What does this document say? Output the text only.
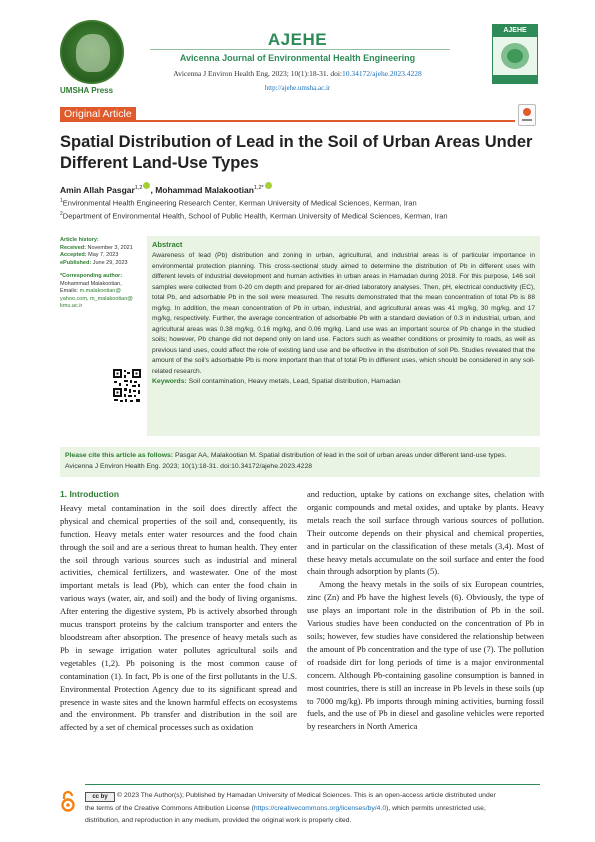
UMSHA Press
AJEHE
Avicenna Journal of Environmental Health Engineering
Avicenna J Environ Health Eng, 2023; 10(1):18-31. doi:10.34172/ajehe.2023.4228
http://ajehe.umsha.ac.ir
AJEHE
Original Article
Spatial Distribution of Lead in the Soil of Urban Areas Under Different Land-Use Types
Amin Allah Pasgar$^{1,2}$ , Mohammad Malakootian$^{1,2*}$
$^1$Environmental Health Engineering Research Center, Kerman University of Medical Sciences, Kerman, Iran
$^2$Department of Environmental Health, School of Public Health, Kerman University of Medical Sciences, Kerman, Iran
Article history:
Received: November 3, 2021
Accepted: May 7, 2023
ePublished: June 29, 2023
*Corresponding author:
Mohammad Malakootian,
Emails: m.malakootian@ yahoo.com, m_malakootian@ kmu.ac.ir
Abstract
Awareness of lead (Pb) distribution and zoning in urban, agricultural, and industrial areas is of particular importance in environmental protection planning. This cross-sectional study aimed to determine the distribution of Pb in different uses with different levels of industrial development and human activities in urban areas in Hamadan during 2018. For this purpose, 146 soil samples were collected from 0-20 cm depth and prepared for air-dried laboratory analyses. Then, pH, electrical conductivity (EC), total Pb, and adsorbable Pb in the soil were measured. The results demonstrated that the mean concentration of total Pb is 88 mg/kg. In addition, the mean concentration of Pb in urban, industrial, and agricultural areas was 41 mg/kg, 30 mg/kg, and 17 mg/kg, respectively. Further, the average concentration of adsorbable Pb with a standard deviation of 0.3 in industrial, urban, and agricultural areas was 0.38 mg/kg, 0.16 mg/kg, and 0.06 mg/kg. Land use was an important source of Pb change in the studied soils; however, Pb change did not depend only on land use. Factors such as weather conditions or proximity to roads, as well as previous land uses, could affect the role of existing land use and be effective in the distribution of soil Pb. Studies revealed that the amount of the soil's adsorbable Pb is more important than that of total Pb in different uses, which should be considered in any soil-related research.
Keywords: Soil contamination, Heavy metals, Lead, Spatial distribution, Hamadan
Please cite this article as follows: Pasgar AA, Malakootian M. Spatial distribution of lead in the soil of urban areas under different land-use types. Avicenna J Environ Health Eng. 2023; 10(1):18-31. doi:10.34172/ajehe.2023.4228
1. Introduction

Heavy metal contamination in the soil does directly affect the physical and chemical properties of the soil and, consequently, its function. Heavy metals enter water resources and the food chain through the soil and are a serious threat to human health. They enter the soil through various sources such as industrial and mineral activities, chemical fertilizers, and wastewater. One of the most important metals is lead (Pb), which can enter the food chain in various ways (water, air, and soil) and the body of living organisms. After entering the digestive system, Pb is actively absorbed through mucus transport proteins by the calcium transporter and enters the bloodstream after absorption. The presence of heavy metals such as Pb in sewage irrigation water pollutes agricultural soils and vegetables (1,2). Pb poisoning is the most common cause of contamination (1). In fact, Pb is one of the first pollutants in the U.S. Environmental Protection Agency due to its significant spread and presence in waste sites and the known harmful effects on ecosystems and the environment. Pb transfer and distribution in the soil are affected by a set of chemical processes such as oxidation

and reduction, uptake by cations on exchange sites, chelation with organic compounds and metal oxides, and uptake by plants. Heavy metals reach the soil surface through various sources of pollution. Their outcome depends on their physical and chemical properties, and in particular on the classification of these metals (3,4). Most of these heavy metals accumulate on the soil surface and enter the food chain through adsorption by plants (5).

Among the heavy metals in the soils of six European countries, zinc (Zn) and Pb have the highest levels (6). Obviously, the type of use plays an important role in the distribution of Pb in the soil. Various studies have been conducted on the concentration of Pb in soils; however, few studies have considered the relationship between the amount of Pb concentration and the type of use (7). The pollution of roadside dirt for long periods of time is a major environmental concern. Although Pb-containing gasoline consumption is banned in most countries, there is still an increase in Pb levels in these soils (up to 7000 mg/kg). Pb imports through mining activities, burning fossil fuels, and the use of Pb in diesel and gasoline vehicles were reported by researchers in North America

cc by	© 2023 The Author(s); Published by Hamadan University of Medical Sciences. This is an open-access article distributed under
the terms of the Creative Commons Attribution License (https://creativecommons.org/licenses/by/4.0), which permits unrestricted use,
distribution, and reproduction in any medium, provided the original work is properly cited.
